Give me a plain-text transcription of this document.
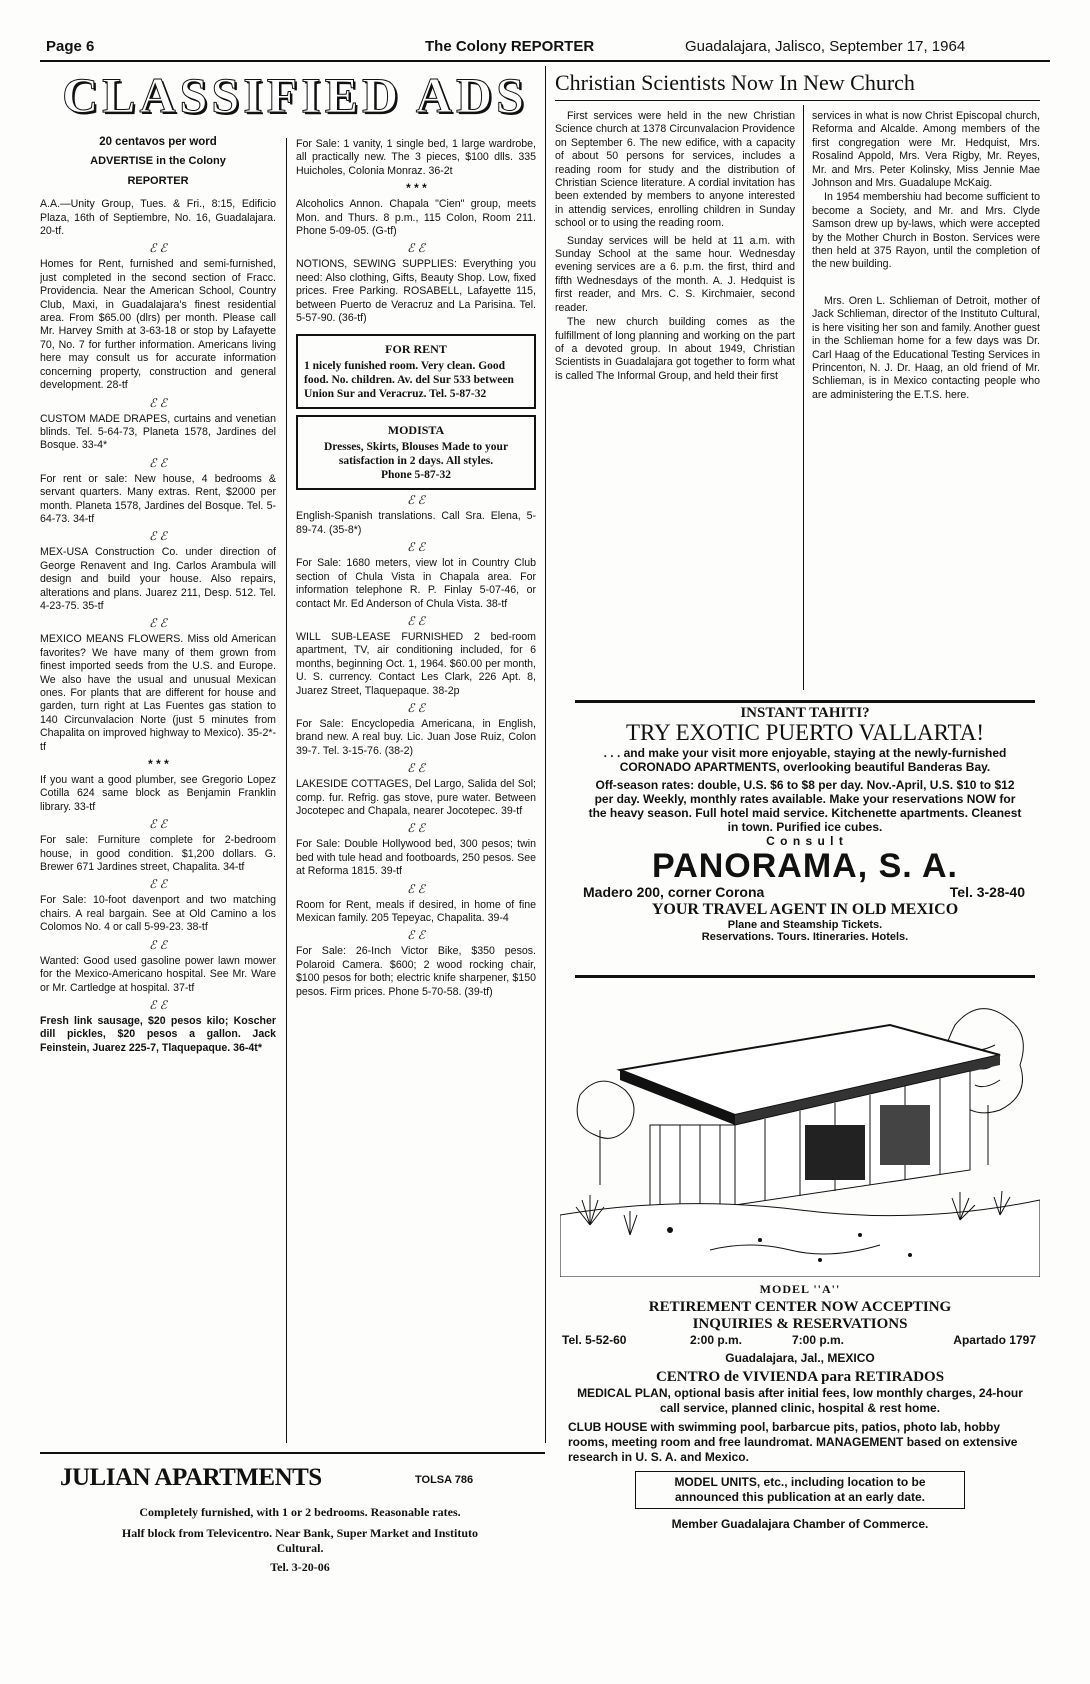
Page 6	The Colony REPORTER	Guadalajara, Jalisco, September 17, 1964
CLASSIFIED ADS
20 centavos per word
ADVERTISE in the Colony
REPORTER

A.A.—Unity Group, Tues. & Fri., 8:15, Edificio Plaza, 16th of Septiembre, No. 16, Guadalajara. 20-tf.

ℰ ℰ

Homes for Rent, furnished and semi-furnished, just completed in the second section of Fracc. Providencia. Near the American School, Country Club, Maxi, in Guadalajara's finest residential area. From $65.00 (dlrs) per month. Please call Mr. Harvey Smith at 3-63-18 or stop by Lafayette 70, No. 7 for further information. Americans living here may consult us for accurate information concerning property, construction and general development. 28-tf

ℰ ℰ

CUSTOM MADE DRAPES, curtains and venetian blinds. Tel. 5-64-73, Planeta 1578, Jardines del Bosque. 33-4*

ℰ ℰ

For rent or sale: New house, 4 bedrooms & servant quarters. Many extras. Rent, $2000 per month. Planeta 1578, Jardines del Bosque. Tel. 5-64-73. 34-tf

ℰ ℰ

MEX-USA Construction Co. under direction of George Renavent and Ing. Carlos Arambula will design and build your house. Also repairs, alterations and plans. Juarez 211, Desp. 512. Tel. 4-23-75. 35-tf

ℰ ℰ

MEXICO MEANS FLOWERS. Miss old American favorites? We have many of them grown from finest imported seeds from the U.S. and Europe. We also have the usual and unusual Mexican ones. For plants that are different for house and garden, turn right at Las Fuentes gas station to 140 Circunvalacion Norte (just 5 minutes from Chapalita on improved highway to Mexico). 35-2*-tf

* * *

If you want a good plumber, see Gregorio Lopez Cotilla 624 same block as Benjamin Franklin library. 33-tf

ℰ ℰ

For sale: Furniture complete for 2-bedroom house, in good condition. $1,200 dollars. G. Brewer 671 Jardines street, Chapalita. 34-tf

ℰ ℰ

For Sale: 10-foot davenport and two matching chairs. A real bargain. See at Old Camino a los Colomos No. 4 or call 5-99-23. 38-tf

ℰ ℰ

Wanted: Good used gasoline power lawn mower for the Mexico-Americano hospital. See Mr. Ware or Mr. Cartledge at hospital. 37-tf

ℰ ℰ

Fresh link sausage, $20 pesos kilo; Koscher dill pickles, $20 pesos a gallon. Jack Feinstein, Juarez 225-7, Tlaquepaque. 36-4t*

For Sale: 1 vanity, 1 single bed, 1 large wardrobe, all practically new. The 3 pieces, $100 dlls. 335 Huicholes, Colonia Monraz. 36-2t

* * *

Alcoholics Annon. Chapala "Cien" group, meets Mon. and Thurs. 8 p.m., 115 Colon, Room 211. Phone 5-09-05. (G-tf)

ℰ ℰ

NOTIONS, SEWING SUPPLIES: Everything you need: Also clothing, Gifts, Beauty Shop. Low, fixed prices. Free Parking. ROSABELL, Lafayette 115, between Puerto de Veracruz and La Parisina. Tel. 5-57-90. (36-tf)

FOR RENT
1 nicely funished room. Very clean. Good food. No. children. Av. del Sur 533 between Union Sur and Veracruz. Tel. 5-87-32
MODISTA
Dresses, Skirts, Blouses Made to your satisfaction in 2 days. All styles.
Phone 5-87-32
ℰ ℰ

English-Spanish translations. Call Sra. Elena, 5-89-74. (35-8*)

ℰ ℰ

For Sale: 1680 meters, view lot in Country Club section of Chula Vista in Chapala area. For information telephone R. P. Finlay 5-07-46, or contact Mr. Ed Anderson of Chula Vista. 38-tf

ℰ ℰ

WILL SUB-LEASE FURNISHED 2 bed-room apartment, TV, air conditioning included, for 6 months, beginning Oct. 1, 1964. $60.00 per month, U. S. currency. Contact Les Clark, 226 Apt. 8, Juarez Street, Tlaquepaque. 38-2p

ℰ ℰ

For Sale: Encyclopedia Americana, in English, brand new. A real buy. Lic. Juan Jose Ruiz, Colon 39-7. Tel. 3-15-76. (38-2)

ℰ ℰ

LAKESIDE COTTAGES, Del Largo, Salida del Sol; comp. fur. Refrig. gas stove, pure water. Between Jocotepec and Chapala, nearer Jocotepec. 39-tf

ℰ ℰ

For Sale: Double Hollywood bed, 300 pesos; twin bed with tule head and footboards, 250 pesos. See at Reforma 1815. 39-tf

ℰ ℰ

Room for Rent, meals if desired, in home of fine Mexican family. 205 Tepeyac, Chapalita. 39-4

ℰ ℰ

For Sale: 26-Inch Victor Bike, $350 pesos. Polaroid Camera. $600; 2 wood rocking chair, $100 pesos for both; electric knife sharpener, $150 pesos. Firm prices. Phone 5-70-58. (39-tf)

JULIAN APARTMENTS	TOLSA 786
Completely furnished, with 1 or 2 bedrooms. Reasonable rates.
Half block from Televicentro. Near Bank, Super Market and Instituto Cultural.
Tel. 3-20-06
Christian Scientists Now In New Church

First services were held in the new Christian Science church at 1378 Circunvalacion Providence on September 6. The new edifice, with a capacity of about 50 persons for services, includes a reading room for study and the distribution of Christian Science literature. A cordial invitation has been extended by members to anyone interested in attendig services, enrolling children in Sunday school or to using the reading room.

Sunday services will be held at 11 a.m. with Sunday School at the same hour. Wednesday evening services are a 6. p.m. the first, third and fifth Wednesdays of the month. A. J. Hedquist is first reader, and Mrs. C. S. Kirchmaier, second reader.

The new church building comes as the fulfillment of long planning and working on the part of a devoted group. In about 1949, Christian Scientists in Guadalajara got together to form what is called The Informal Group, and held their first

services in what is now Christ Episcopal church, Reforma and Alcalde. Among members of the first congregation were Mr. Hedquist, Mrs. Rosalind Appold, Mrs. Vera Rigby, Mr. Reyes, Mr. and Mrs. Peter Kolinsky, Miss Jennie Mae Johnson and Mrs. Guadalupe McKaig.

In 1954 membershiu had become sufficient to become a Society, and Mr. and Mrs. Clyde Samson drew up by-laws, which were accepted by the Mother Church in Boston. Services were then held at 375 Rayon, until the completion of the new building.

Mrs. Oren L. Schlieman of Detroit, mother of Jack Schlieman, director of the Instituto Cultural, is here visiting her son and family. Another guest in the Schlieman home for a few days was Dr. Carl Haag of the Educational Testing Services in Princenton, N. J. Dr. Haag, an old friend of Mr. Schlieman, is in Mexico contacting people who are administering the E.T.S. here.

INSTANT TAHITI?
TRY EXOTIC PUERTO VALLARTA!
. . . and make your visit more enjoyable, staying at the newly-furnished CORONADO APARTMENTS, overlooking beautiful Banderas Bay.
Off-season rates: double, U.S. $6 to $8 per day. Nov.-April, U.S. $10 to $12 per day. Weekly, monthly rates available. Make your reservations NOW for the heavy season. Full hotel maid service. Kitchenette apartments. Cleanest in town. Purified ice cubes.
C o n s u l t
PANORAMA, S. A.
Madero 200, corner Corona	Tel. 3-28-40
YOUR TRAVEL AGENT IN OLD MEXICO
Plane and Steamship Tickets.
Reservations. Tours. Itineraries. Hotels.
MODEL ''A''
RETIREMENT CENTER NOW ACCEPTING
INQUIRIES & RESERVATIONS
Tel. 5-52-60	2:00 p.m.	7:00 p.m.	Apartado 1797
Guadalajara, Jal., MEXICO
CENTRO de VIVIENDA para RETIRADOS
MEDICAL PLAN, optional basis after initial fees, low monthly charges, 24-hour call service, planned clinic, hospital & rest home.
CLUB HOUSE with swimming pool, barbarcue pits, patios, photo lab, hobby rooms, meeting room and free laundromat. MANAGEMENT based on extensive research in U. S. A. and Mexico.
MODEL UNITS, etc., including location to be announced this publication at an early date.
Member Guadalajara Chamber of Commerce.
